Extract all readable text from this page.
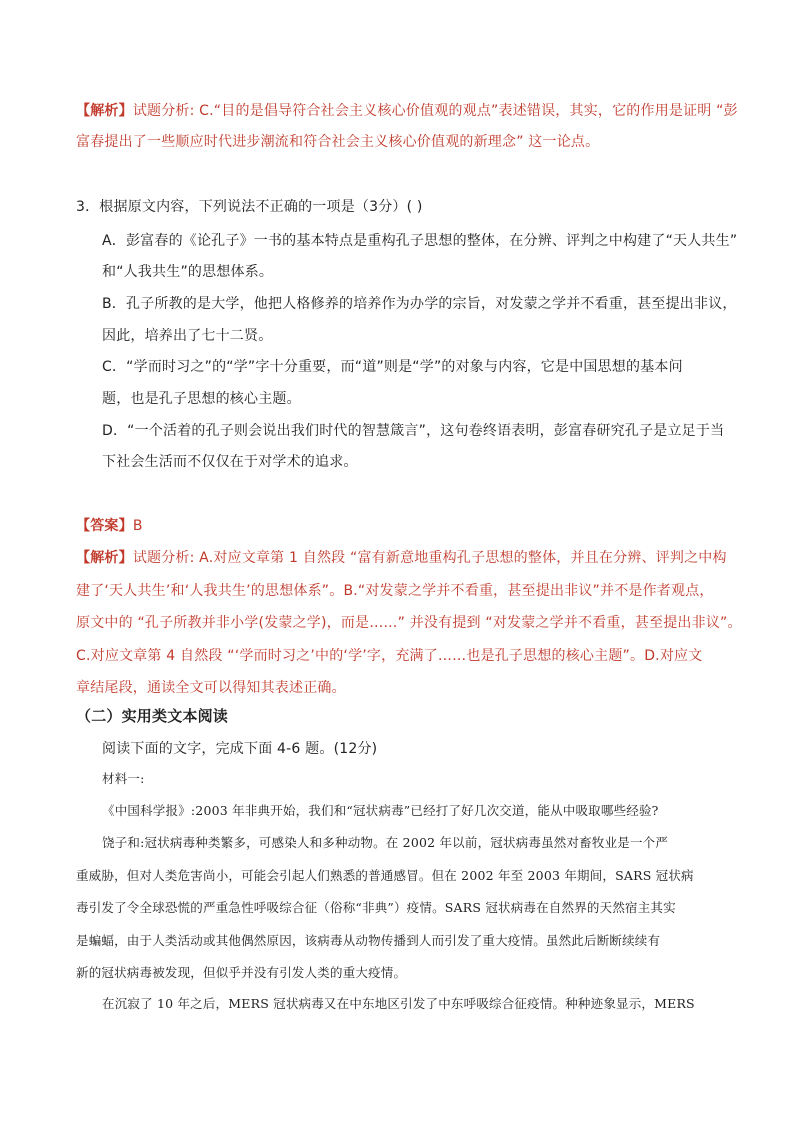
【解析】试题分析: C.“目的是倡导符合社会主义核心价值观的观点”表述错误，其实，它的作用是证明 “彭
富春提出了一些顺应时代进步潮流和符合社会主义核心价值观的新理念” 这一论点。
3．根据原文内容，下列说法不正确的一项是（3分）( )
A．彭富春的《论孔子》一书的基本特点是重构孔子思想的整体，在分辨、评判之中构建了“天人共生”
和“人我共生”的思想体系。
B．孔子所教的是大学，他把人格修养的培养作为办学的宗旨，对发蒙之学并不看重，甚至提出非议，
因此，培养出了七十二贤。
C．“学而时习之”的“学”字十分重要，而“道”则是“学”的对象与内容，它是中国思想的基本问
题，也是孔子思想的核心主题。
D．“一个活着的孔子则会说出我们时代的智慧箴言”，这句卷终语表明，彭富春研究孔子是立足于当
下社会生活而不仅仅在于对学术的追求。
【答案】B
【解析】试题分析: A.对应文章第 1 自然段 “富有新意地重构孔子思想的整体，并且在分辨、评判之中构
建了‘天人共生’和‘人我共生’的思想体系”。B.“对发蒙之学并不看重，甚至提出非议”并不是作者观点，
原文中的 “孔子所教并非小学(发蒙之学)，而是……” 并没有提到 “对发蒙之学并不看重，甚至提出非议”。
C.对应文章第 4 自然段 “‘学而时习之’中的‘学’字，充满了……也是孔子思想的核心主题”。D.对应文
章结尾段，通读全文可以得知其表述正确。
（二）实用类文本阅读
阅读下面的文字，完成下面 4-6 题。(12分)
材料一:
《中国科学报》:2003 年非典开始，我们和“冠状病毒”已经打了好几次交道，能从中吸取哪些经验?
饶子和:冠状病毒种类繁多，可感染人和多种动物。在 2002 年以前，冠状病毒虽然对畜牧业是一个严
重威胁，但对人类危害尚小，可能会引起人们熟悉的普通感冒。但在 2002 年至 2003 年期间，SARS 冠状病
毒引发了令全球恐慌的严重急性呼吸综合征（俗称“非典”）疫情。SARS 冠状病毒在自然界的天然宿主其实
是蝙蝠，由于人类活动或其他偶然原因，该病毒从动物传播到人而引发了重大疫情。虽然此后断断续续有
新的冠状病毒被发现，但似乎并没有引发人类的重大疫情。
在沉寂了 10 年之后，MERS 冠状病毒又在中东地区引发了中东呼吸综合征疫情。种种迹象显示，MERS
